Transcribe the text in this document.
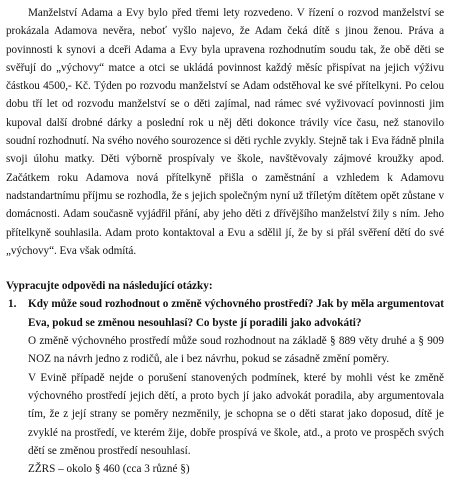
Manželství Adama a Evy bylo před třemi lety rozvedeno. V řízení o rozvod manželství se prokázala Adamova nevěra, neboť vyšlo najevo, že Adam čeká dítě s jinou ženou. Práva a povinnosti k synovi a dceři Adama a Evy byla upravena rozhodnutím soudu tak, že obě děti se svěřují do „výchovy“ matce a otci se ukládá povinnost každý měsíc přispívat na jejich výživu částkou 4500,- Kč. Týden po rozvodu manželství se Adam odstěhoval ke své přítelkyni. Po celou dobu tří let od rozvodu manželství se o děti zajímal, nad rámec své vyživovací povinnosti jim kupoval další drobné dárky a poslední rok u něj děti dokonce trávily více času, než stanovilo soudní rozhodnutí. Na svého nového sourozence si děti rychle zvykly. Stejně tak i Eva řádně plnila svoji úlohu matky. Děti výborně prospívaly ve škole, navštěvovaly zájmové kroužky apod. Začátkem roku Adamova nová přítelkyně přišla o zaměstnání a vzhledem k Adamovu nadstandartnímu příjmu se rozhodla, že s jejich společným nyní už tříletým dítětem opět zůstane v domácnosti. Adam současně vyjádřil přání, aby jeho děti z dřívějšího manželství žily s ním. Jeho přítelkyně souhlasila. Adam proto kontaktoval a Evu a sdělil jí, že by si přál svěření dětí do své „výchovy“. Eva však odmítá.

Vypracujte odpovědi na následující otázky:

1. Kdy může soud rozhodnout o změně výchovného prostředí? Jak by měla argumentovat Eva, pokud se změnou nesouhlasí? Co byste jí poradili jako advokáti?

O změně výchovného prostředí může soud rozhodnout na základě § 889 věty druhé a § 909 NOZ na návrh jedno z rodičů, ale i bez návrhu, pokud se zásadně změní poměry.

V Evině případě nejde o porušení stanovených podmínek, které by mohli vést ke změně výchovného prostředí jejich dětí, a proto bych jí jako advokát poradila, aby argumentovala tím, že z její strany se poměry nezměnily, je schopna se o děti starat jako doposud, dítě je zvyklé na prostředí, ve kterém žije, dobře prospívá ve škole, atd., a proto ve prospěch svých dětí se změnou prostředí nesouhlasí.

ZŽRS – okolo § 460 (cca 3 různé §)
